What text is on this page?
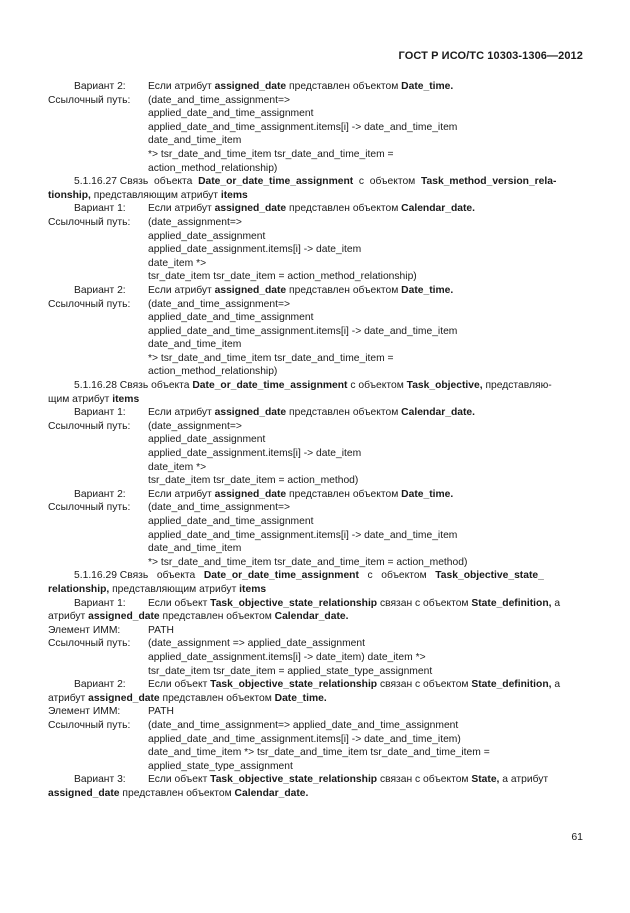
ГОСТ Р ИСО/ТС 10303-1306—2012
Вариант 2: Если атрибут assigned_date представлен объектом Date_time.
Ссылочный путь: (date_and_time_assignment=>
applied_date_and_time_assignment
applied_date_and_time_assignment.items[i] -> date_and_time_item
date_and_time_item
*> tsr_date_and_time_item tsr_date_and_time_item =
action_method_relationship)
5.1.16.27 Связь  объекта  Date_or_date_time_assignment  с  объектом  Task_method_version_rela-
tionship, представляющим атрибут items
Вариант 1: Если атрибут assigned_date представлен объектом Calendar_date.
Ссылочный путь: (date_assignment=>
applied_date_assignment
applied_date_assignment.items[i] -> date_item
date_item *>
tsr_date_item tsr_date_item = action_method_relationship)
Вариант 2: Если атрибут assigned_date представлен объектом Date_time.
Ссылочный путь: (date_and_time_assignment=>
applied_date_and_time_assignment
applied_date_and_time_assignment.items[i] -> date_and_time_item
date_and_time_item
*> tsr_date_and_time_item tsr_date_and_time_item =
action_method_relationship)
5.1.16.28 Связь объекта Date_or_date_time_assignment с объектом Task_objective, представляю-
щим атрибут items
Вариант 1: Если атрибут assigned_date представлен объектом Calendar_date.
Ссылочный путь: (date_assignment=>
applied_date_assignment
applied_date_assignment.items[i] -> date_item
date_item *>
tsr_date_item tsr_date_item = action_method)
Вариант 2: Если атрибут assigned_date представлен объектом Date_time.
Ссылочный путь: (date_and_time_assignment=>
applied_date_and_time_assignment
applied_date_and_time_assignment.items[i] -> date_and_time_item
date_and_time_item
*> tsr_date_and_time_item tsr_date_and_time_item = action_method)
5.1.16.29 Связь   объекта   Date_or_date_time_assignment   с   объектом   Task_objective_state_
relationship, представляющим атрибут items
Вариант 1: Если объект Task_objective_state_relationship связан с объектом State_definition, а
атрибут assigned_date представлен объектом Calendar_date.
Элемент ИММ:	PATH
Ссылочный путь: (date_assignment => applied_date_assignment
applied_date_assignment.items[i] -> date_item) date_item *>
tsr_date_item tsr_date_item = applied_state_type_assignment
Вариант 2: Если объект Task_objective_state_relationship связан с объектом State_definition, а
атрибут assigned_date представлен объектом Date_time.
Элемент ИММ:	PATH
Ссылочный путь: (date_and_time_assignment=> applied_date_and_time_assignment
applied_date_and_time_assignment.items[i] -> date_and_time_item)
date_and_time_item *> tsr_date_and_time_item tsr_date_and_time_item =
applied_state_type_assignment
Вариант 3: Если объект Task_objective_state_relationship связан с объектом State, а атрибут
assigned_date представлен объектом Calendar_date.
61
